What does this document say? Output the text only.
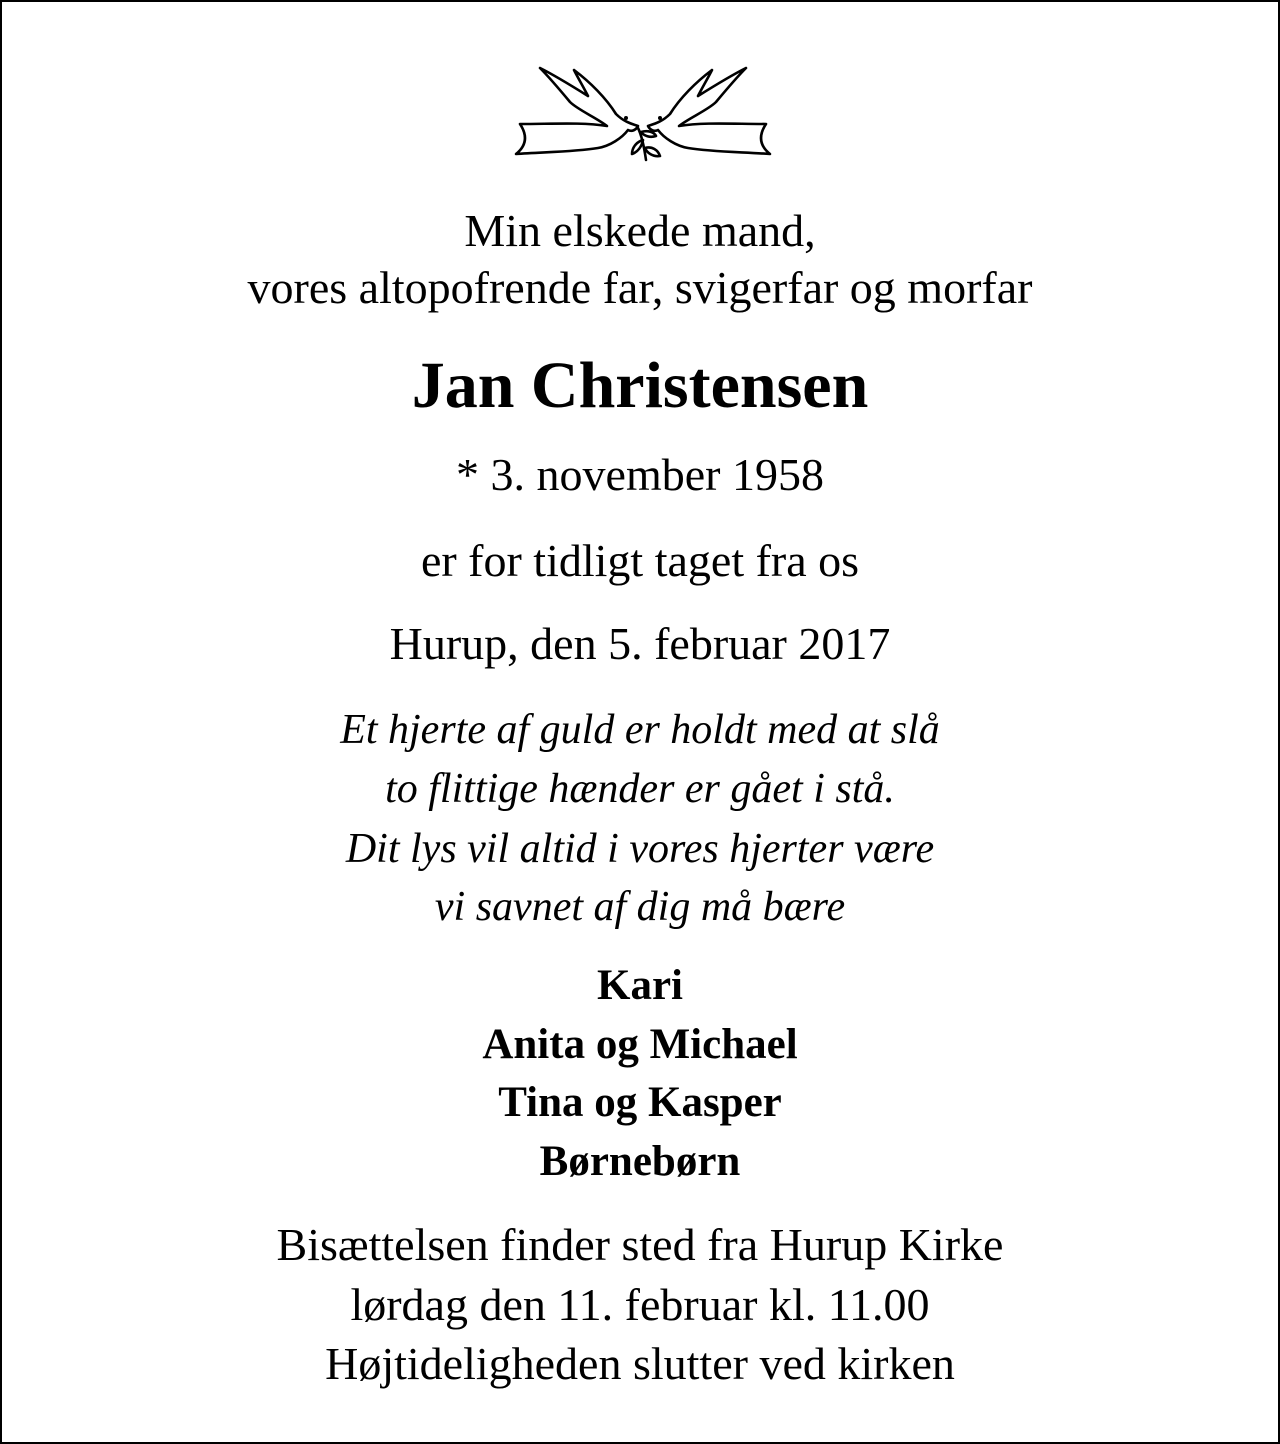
Min elskede mand,
vores altopofrende far, svigerfar og morfar
Jan Christensen
* 3. november 1958
er for tidligt taget fra os
Hurup, den 5. februar 2017
Et hjerte af guld er holdt med at slå
to flittige hænder er gået i stå.
Dit lys vil altid i vores hjerter være
vi savnet af dig må bære
Kari
Anita og Michael
Tina og Kasper
Børnebørn
Bisættelsen finder sted fra Hurup Kirke
lørdag den 11. februar kl. 11.00
Højtideligheden slutter ved kirken
